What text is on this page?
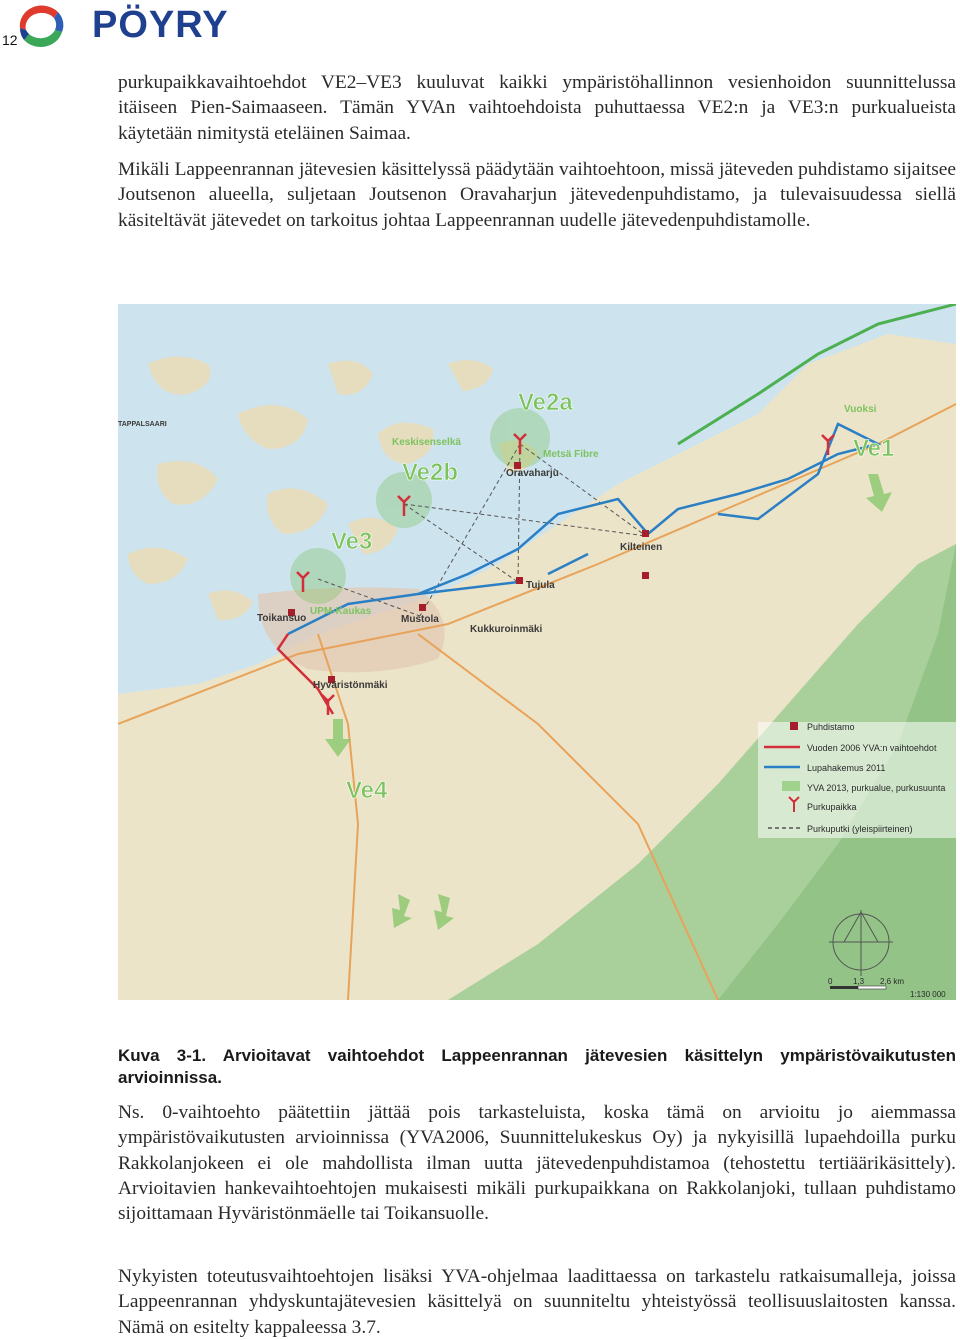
12 PÖYRY

purkupaikkavaihtoehdot VE2–VE3 kuuluvat kaikki ympäristöhallinnon vesienhoidon suunnittelussa itäiseen Pien-Saimaaseen. Tämän YVAn vaihtoehdoista puhuttaessa VE2:n ja VE3:n purkualueista käytetään nimitystä eteläinen Saimaa.

Mikäli Lappeenrannan jätevesien käsittelyssä päädytään vaihtoehtoon, missä jäteveden puhdistamo sijaitsee Joutsenon alueella, suljetaan Joutsenon Oravaharjun jätevedenpuhdistamo, ja tulevaisuudessa siellä käsiteltävät jätevedet on tarkoitus johtaa Lappeenrannan uudelle jätevedenpuhdistamolle.

Ve2a
Ve2b
Ve3
Ve1
Ve4
TAPPALSAARI
Keskisenselkä
Oravaharju
Metsä Fibre
Vuoksi
Kilteinen
Tujula
Mustola
Kukkuroinmäki
Toikansuo
UPM-Kaukas
Hyväristönmäki
Puhdistamo
Vuoden 2006 YVA:n vaihtoehdot
Lupahakemus 2011
YVA 2013, purkualue, purkusuunta
Purkupaikka
Purkuputki (yleispiirteinen)
0	1,3 2,6 km
1:130 000
Kuva 3-1. Arvioitavat vaihtoehdot Lappeenrannan jätevesien käsittelyn ympäristövaikutusten arvioinnissa.

Ns. 0-vaihtoehto päätettiin jättää pois tarkasteluista, koska tämä on arvioitu jo aiemmassa ympäristövaikutusten arvioinnissa (YVA2006, Suunnittelukeskus Oy) ja nykyisillä lupaehdoilla purku Rakkolanjokeen ei ole mahdollista ilman uutta jätevedenpuhdistamoa (tehostettu tertiäärikäsittely). Arvioitavien hankevaihtoehtojen mukaisesti mikäli purkupaikkana on Rakkolanjoki, tullaan puhdistamo sijoittamaan Hyväristönmäelle tai Toikansuolle.

Nykyisten toteutusvaihtoehtojen lisäksi YVA-ohjelmaa laadittaessa on tarkastelu ratkaisumalleja, joissa Lappeenrannan yhdyskuntajätevesien käsittelyä on suunniteltu yhteistyössä teollisuuslaitosten kanssa. Nämä on esitelty kappaleessa 3.7.
